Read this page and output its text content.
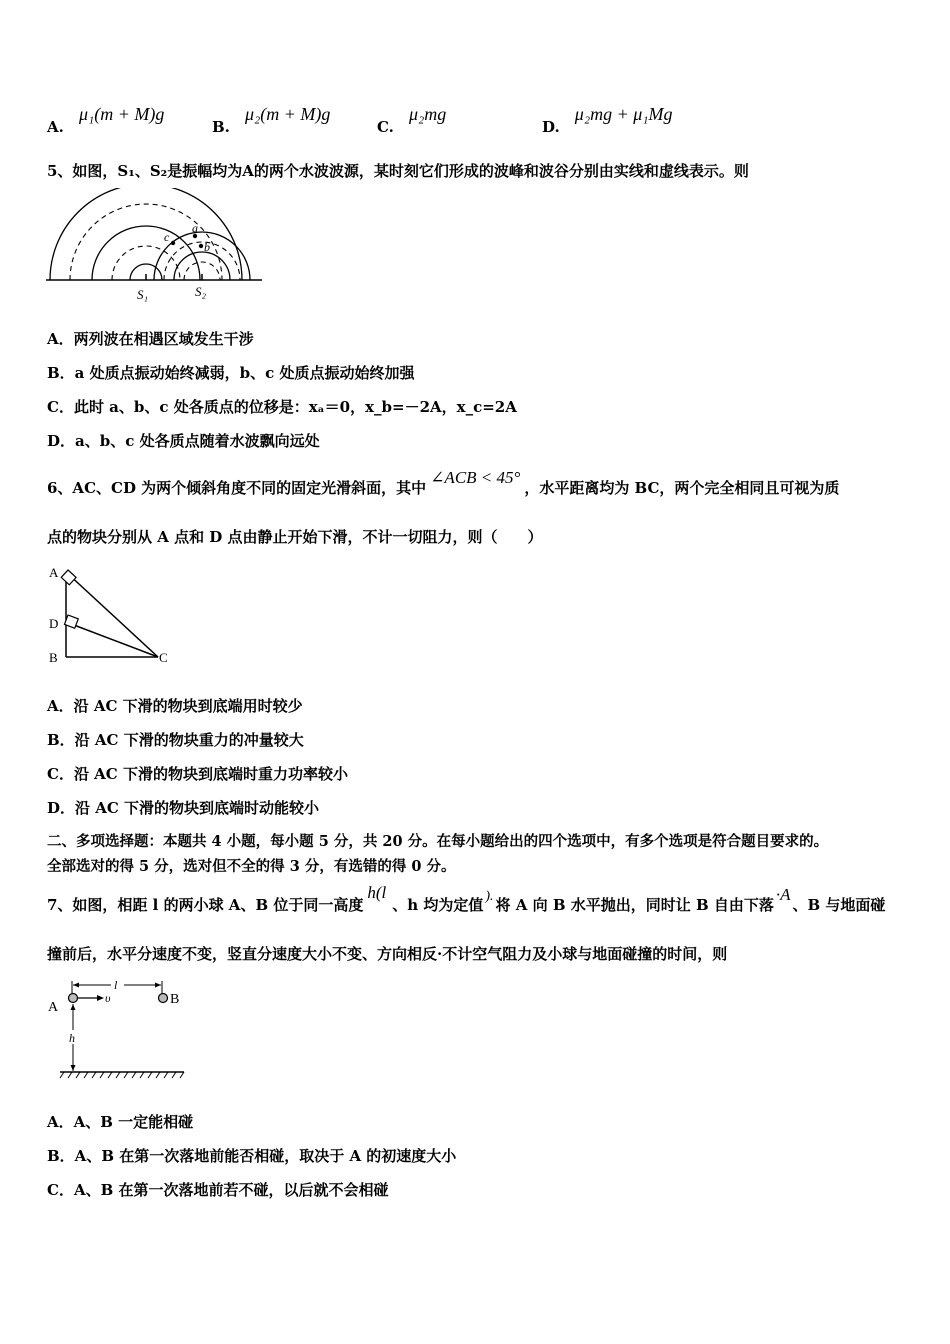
A. μ₁(m + M)g
B. μ₂(m + M)g
C. μ₂mg
D. μ₂mg + μ₁Mg
5、如图，S₁、S₂是振幅均为A的两个水波波源，某时刻它们形成的波峰和波谷分别由实线和虚线表示。则
a
b
c
S₁	S₂
A．两列波在相遇区域发生干涉
B．a 处质点振动始终减弱，b、c 处质点振动始终加强
C．此时 a、b、c 处各质点的位移是：xₐ＝0，x_b=－2A，x_c=2A
D．a、b、c 处各质点随着水波飘向远处
6、AC、CD 为两个倾斜角度不同的固定光滑斜面，其中∠ACB < 45°，水平距离均为 BC，两个完全相同且可视为质
点的物块分别从 A 点和 D 点由静止开始下滑，不计一切阻力，则（　　）
A
D
B	C
A．沿 AC 下滑的物块到底端用时较少
B．沿 AC 下滑的物块重力的冲量较大
C．沿 AC 下滑的物块到底端时重力功率较小
D．沿 AC 下滑的物块到底端时动能较小
二、多项选择题：本题共 4 小题，每小题 5 分，共 20 分。在每小题给出的四个选项中，有多个选项是符合题目要求的。
全部选对的得 5 分，选对但不全的得 3 分，有选错的得 0 分。
7、如图，相距 l 的两小球 A、B 位于同一高度h(l、h 均为定值 ). 将 A 向 B 水平抛出，同时让 B 自由下落·A、B 与地面碰
撞前后，水平分速度不变，竖直分速度大小不变、方向相反·不计空气阻力及小球与地面碰撞的时间，则
l
υ
A
B
h
A．A、B 一定能相碰
B．A、B 在第一次落地前能否相碰，取决于 A 的初速度大小
C．A、B 在第一次落地前若不碰，以后就不会相碰
